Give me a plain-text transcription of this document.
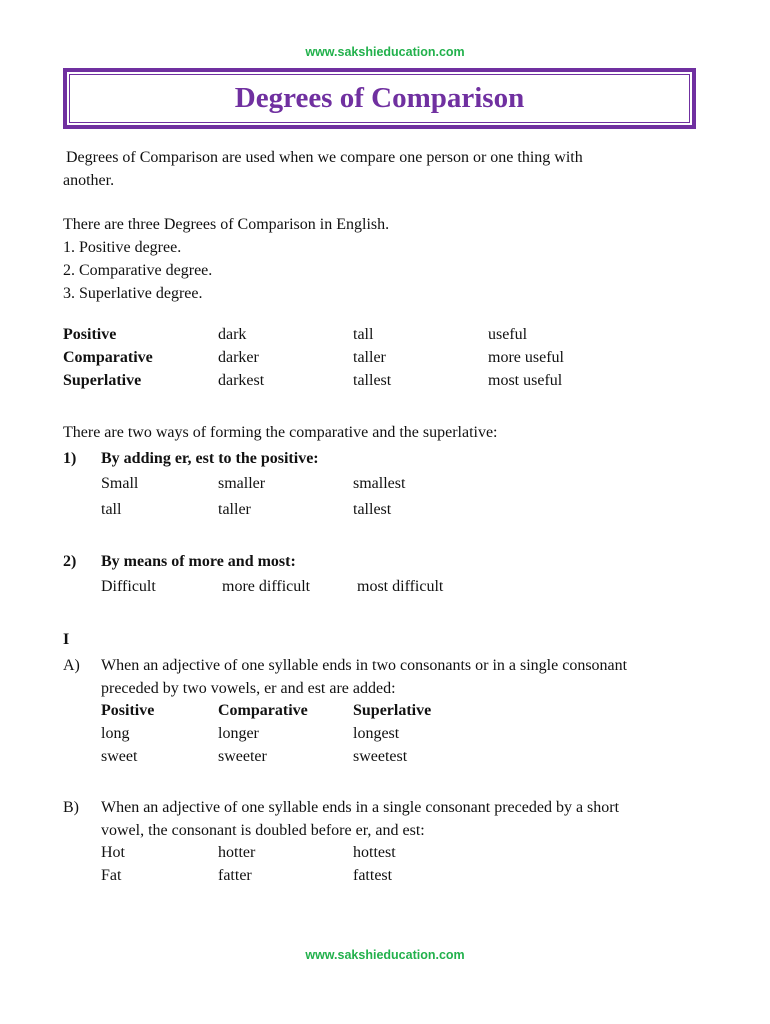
www.sakshieducation.com
Degrees of Comparison
Degrees of Comparison are used when we compare one person or one thing with
another.
There are three Degrees of Comparison in English.
1. Positive degree.
2. Comparative degree.
3. Superlative degree.
Positive	dark	tall	useful
Comparative	darker	taller	more useful
Superlative	darkest	tallest	most useful
There are two ways of forming the comparative and the superlative:
1) By adding er, est to the positive:
Small	smaller	smallest
tall	taller	tallest
2) By means of more and most:
Difficult	more difficult	most difficult
I
A) When an adjective of one syllable ends in two consonants or in a single consonant
preceded by two vowels, er and est are added:
Positive	Comparative	Superlative
long	longer	longest
sweet	sweeter	sweetest
B) When an adjective of one syllable ends in a single consonant preceded by a short
vowel, the consonant is doubled before er, and est:
Hot	hotter	hottest
Fat	fatter	fattest
www.sakshieducation.com
